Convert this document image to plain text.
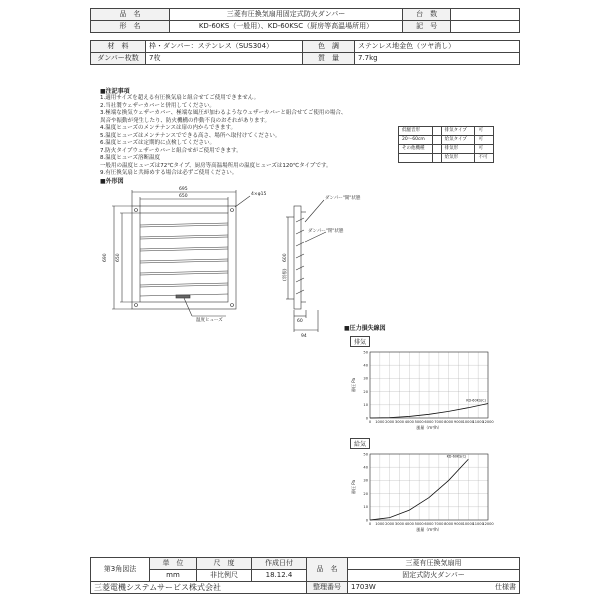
品　名	三菱有圧換気扇用固定式防火ダンパー	台　数	
形　名	KD-60KS（一般用）、KD-60KSC（厨房等高温場所用）	記　号	
材　料	枠・ダンパー：ステンレス（SUS304）	色　調	ステンレス地金色（ツヤ消し）
ダンパー枚数	7枚	質　量	7.7kg
■注記事項
1.適用サイズを超える有圧換気扇と組合せてご使用できません。
2.当社製ウェザーカバーと併用してください。
3.極端な換気ウェザーカバー、極端な風圧が加わるようなウェザーカバーと組合せてご使用の場合、
異音や振動が発生したり、防火機構の作動不良のおそれがあります。
4.温度ヒューズのメンテナンスは扉の内からできます。
5.温度ヒューズはメンテナンスでできる高さ、場所へ取付けてください。
6.温度ヒューズは定期的に点検してください。
7.防火タイプウェザーカバーと組合せがご使用できます。
8.温度ヒューズ溶断温度
一般用の温度ヒューズは72℃タイプ、厨房等高温場所用の温度ヒューズは120℃タイプです。
9.有圧換気扇と共締めする場合は必ずご使用ください。
低騒音形		排気タイプ	可
20〜60cm		給気タイプ	可
その他機種		排気形	可
		給気形	不可
■外形図
695
650	4×φ15
690 650	600
(羽根)
60
94
ダンパー"開"状態
ダンパー"閉"状態
温度ヒューズ
■圧力損失線図
排気
0 1000 2000 3000 4000 5000 6000 7000 8000 9000 10000
11000
12000
0
10
20
30
40
50
静圧 Pa
風量（m³/h）
KD-60KS(C)
給気
0 1000 2000 3000 4000 5000 6000 7000 8000 9000 10000
11000
12000
0
10
20
30
40
50
静圧 Pa
風量（m³/h）
KD-60KS(C)
第3角図法	単　位	尺　度	作成日付	品　名	三菱有圧換気扇用
	mm	非比例尺	18.12.4		固定式防火ダンパー
三菱電機システムサービス株式会社				整理番号	1703W 仕様書
